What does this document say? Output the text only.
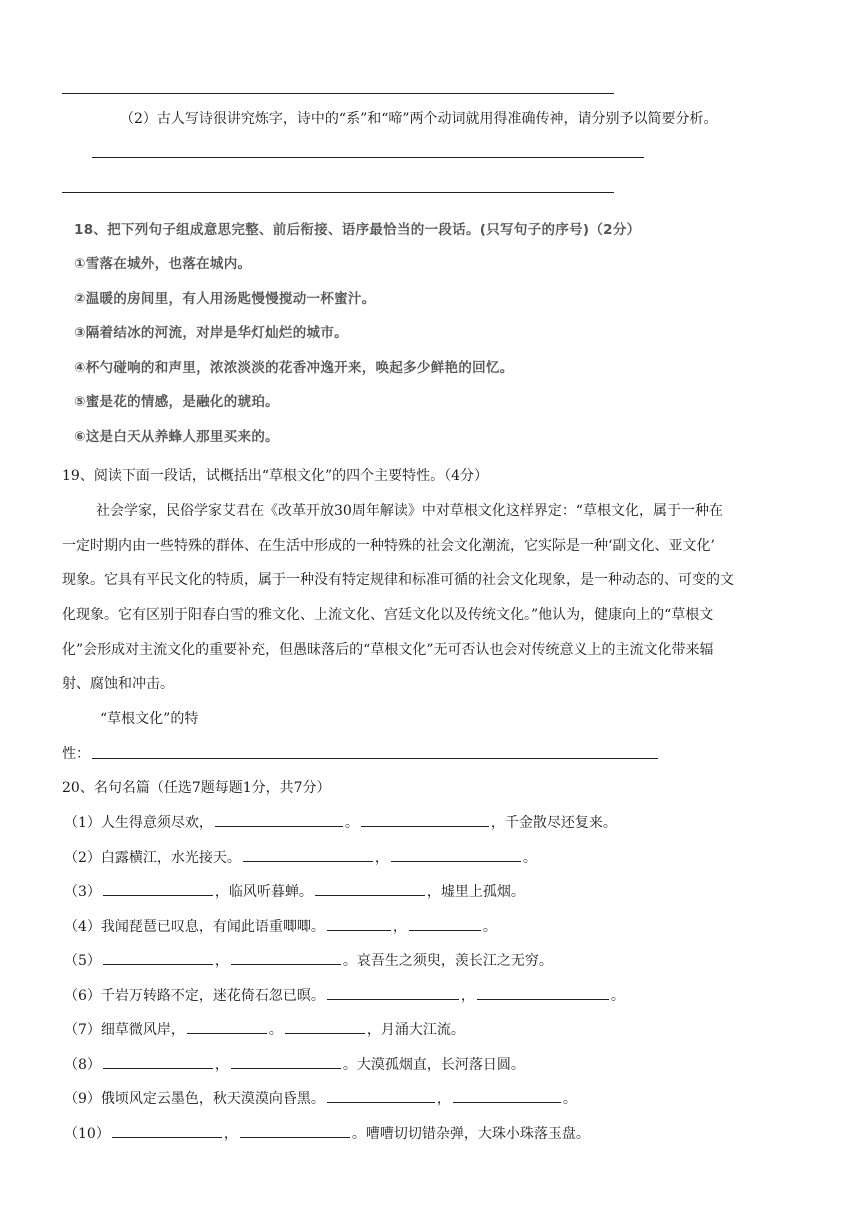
（2）古人写诗很讲究炼字，诗中的“系”和“啼”两个动词就用得准确传神，请分别予以简要分析。
18、把下列句子组成意思完整、前后衔接、语序最恰当的一段话。(只写句子的序号)（2分）
①雪落在城外，也落在城内。
②温暖的房间里，有人用汤匙慢慢搅动一杯蜜汁。
③隔着结冰的河流，对岸是华灯灿烂的城市。
④杯勺碰响的和声里，浓浓淡淡的花香冲逸开来，唤起多少鲜艳的回忆。
⑤蜜是花的情感，是融化的琥珀。
⑥这是白天从养蜂人那里买来的。
19、阅读下面一段话，试概括出“草根文化”的四个主要特性。（4分）
社会学家，民俗学家艾君在《改革开放30周年解读》中对草根文化这样界定：“草根文化，属于一种在
一定时期内由一些特殊的群体、在生活中形成的一种特殊的社会文化潮流，它实际是一种‘副文化、亚文化’
现象。它具有平民文化的特质，属于一种没有特定规律和标准可循的社会文化现象，是一种动态的、可变的文
化现象。它有区别于阳春白雪的雅文化、上流文化、宫廷文化以及传统文化。”他认为，健康向上的“草根文
化”会形成对主流文化的重要补充，但愚昧落后的“草根文化”无可否认也会对传统意义上的主流文化带来辐
射、腐蚀和冲击。
“草根文化”的特
性：
20、名句名篇（任选7题每题1分，共7分）
（1）人生得意须尽欢，	。	，千金散尽还复来。
（2）白露横江，水光接天。	，	。
（3）	，临风听暮蝉。	，墟里上孤烟。
（4）我闻琵琶已叹息，有闻此语重唧唧。	，	。
（5）	，	。哀吾生之须臾，羡长江之无穷。
（6）千岩万转路不定，迷花倚石忽已暝。	，	。
（7）细草微风岸，	。	，月涌大江流。
（8）	，	。大漠孤烟直，长河落日圆。
（9）俄顷风定云墨色，秋天漠漠向昏黑。	，	。
（10）	，	。嘈嘈切切错杂弹，大珠小珠落玉盘。
